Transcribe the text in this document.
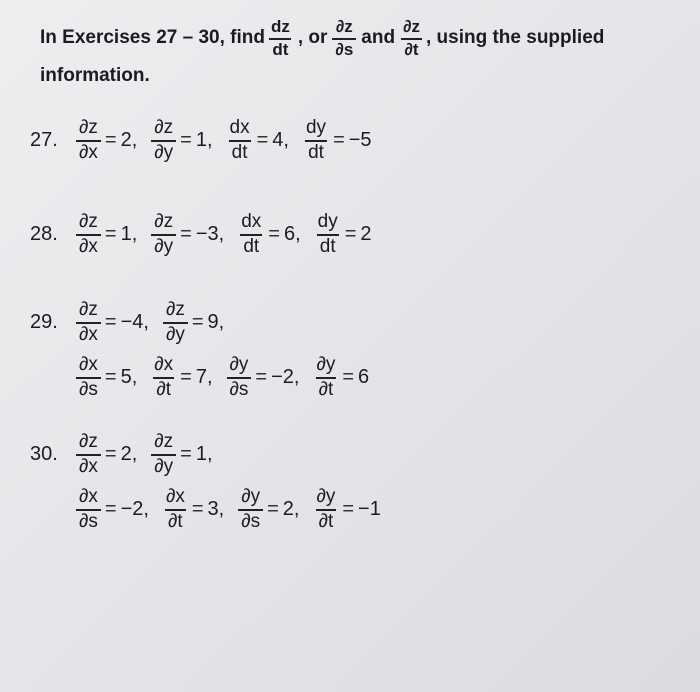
In Exercises 27 – 30, find $\frac{dz}{dt}$ , or $\frac{\partial z}{\partial s}$ and $\frac{\partial z}{\partial t}$ , using the supplied
information.
27. $\frac{\partial z}{\partial x} = 2$, $\frac{\partial z}{\partial y} = 1$, $\frac{dx}{dt} = 4$, $\frac{dy}{dt} = -5$
28. $\frac{\partial z}{\partial x} = 1$, $\frac{\partial z}{\partial y} = -3$, $\frac{dx}{dt} = 6$, $\frac{dy}{dt} = 2$
29. $\frac{\partial z}{\partial x} = -4$, $\frac{\partial z}{\partial y} = 9$,
$\frac{\partial x}{\partial s} = 5$, $\frac{\partial x}{\partial t} = 7$, $\frac{\partial y}{\partial s} = -2$, $\frac{\partial y}{\partial t} = 6$
30. $\frac{\partial z}{\partial x} = 2$, $\frac{\partial z}{\partial y} = 1$,
$\frac{\partial x}{\partial s} = -2$, $\frac{\partial x}{\partial t} = 3$, $\frac{\partial y}{\partial s} = 2$, $\frac{\partial y}{\partial t} = -1$
